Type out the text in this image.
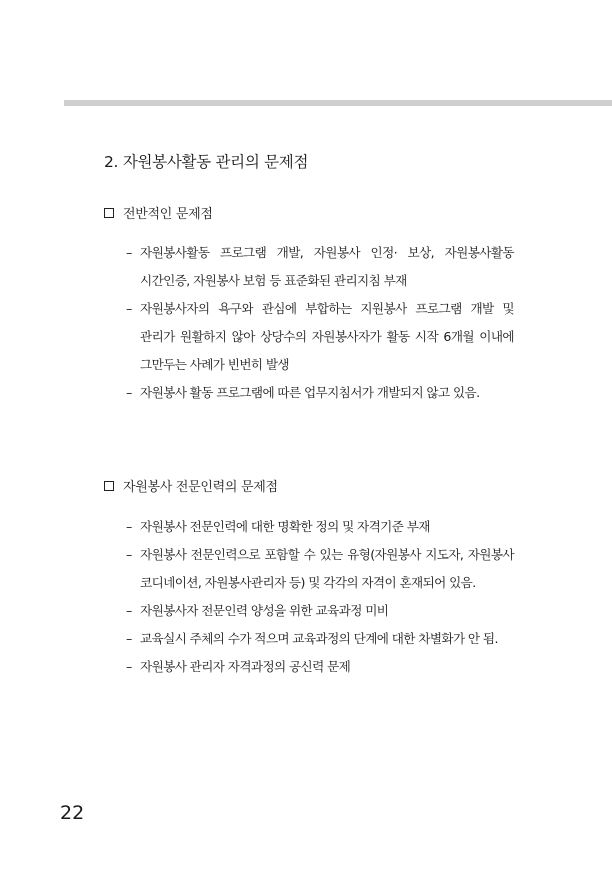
2. 자원봉사활동 관리의 문제점
전반적인 문제점
– 자원봉사활동 프로그램 개발, 자원봉사 인정· 보상, 자원봉사활동 시간인증, 자원봉사 보험 등 표준화된 관리지침 부재
– 자원봉사자의 욕구와 관심에 부합하는 지원봉사 프로그램 개발 및 관리가 원활하지 않아 상당수의 자원봉사자가 활동 시작 6개월 이내에 그만두는 사례가 빈번히 발생
– 자원봉사 활동 프로그램에 따른 업무지침서가 개발되지 않고 있음.
자원봉사 전문인력의 문제점
– 자원봉사 전문인력에 대한 명확한 정의 및 자격기준 부재
– 자원봉사 전문인력으로 포함할 수 있는 유형(자원봉사 지도자, 자원봉사 코디네이션, 자원봉사관리자 등) 및 각각의 자격이 혼재되어 있음.
– 자원봉사자 전문인력 양성을 위한 교육과정 미비
– 교육실시 주체의 수가 적으며 교육과정의 단계에 대한 차별화가 안 됨.
– 자원봉사 관리자 자격과정의 공신력 문제
22
